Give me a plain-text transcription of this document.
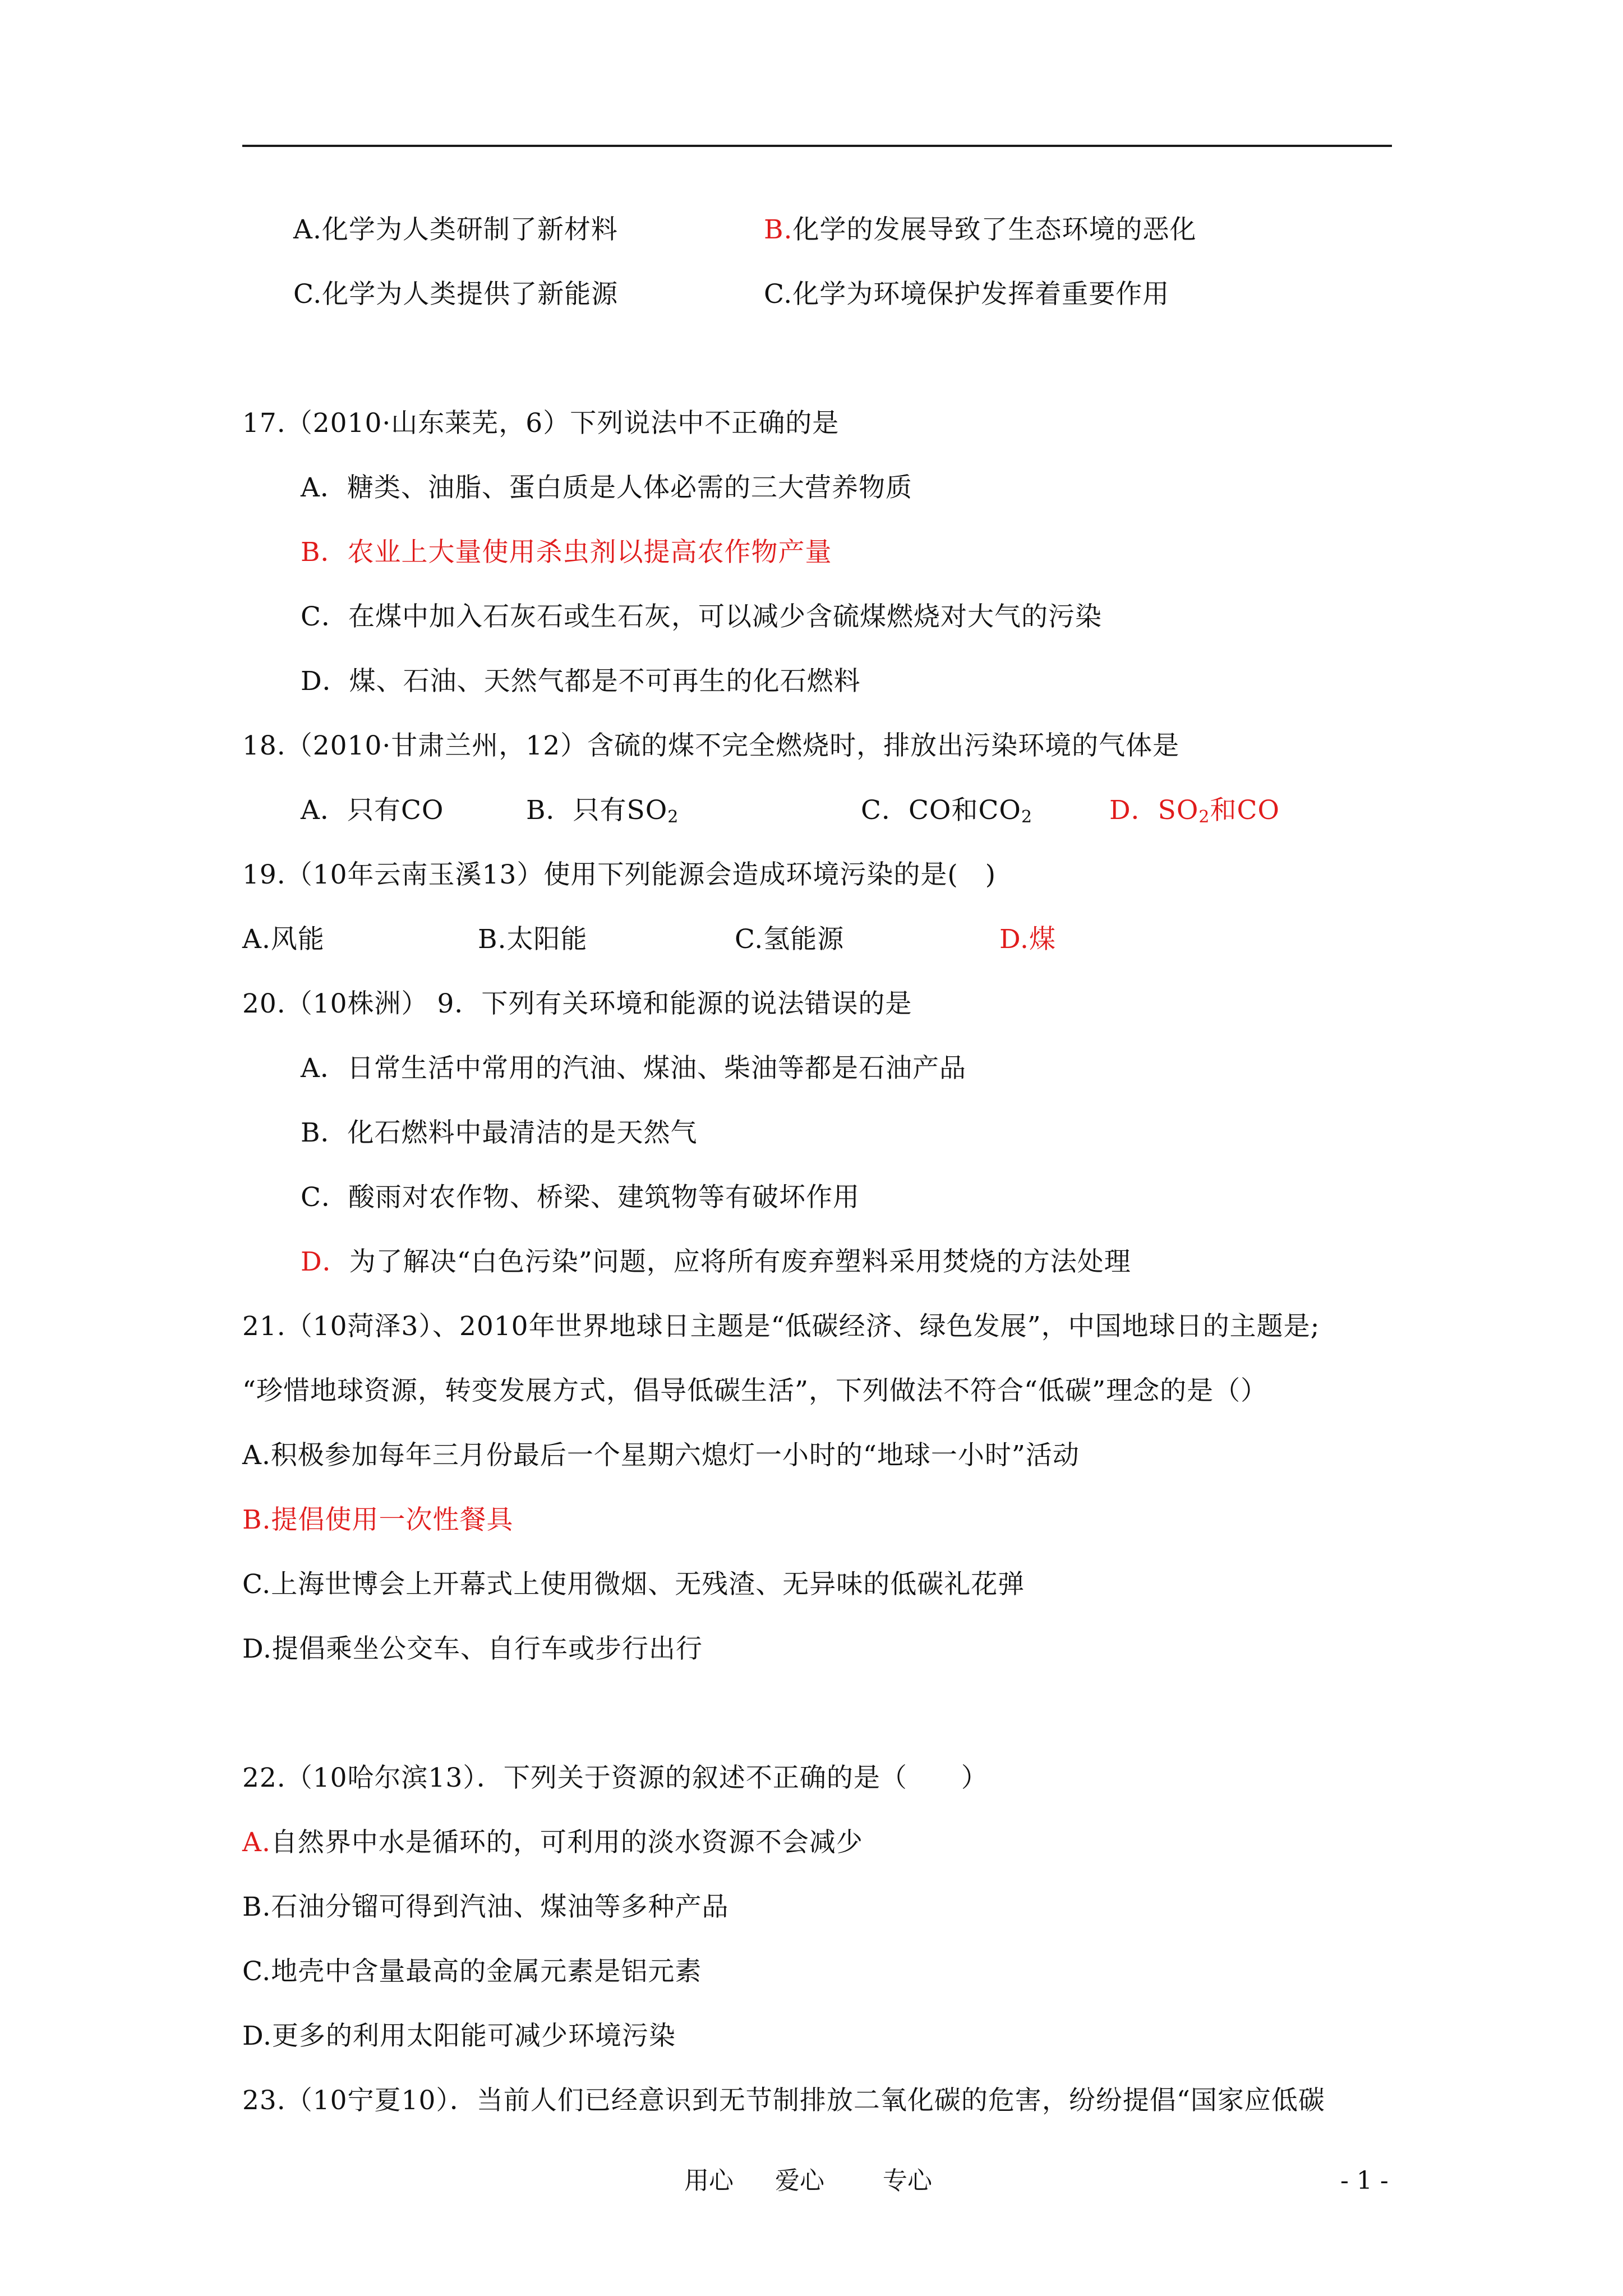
A.化学为人类研制了新材料	B.化学的发展导致了生态环境的恶化
C.化学为人类提供了新能源	C.化学为环境保护发挥着重要作用
17.（2010·山东莱芜，6）下列说法中不正确的是
A．糖类、油脂、蛋白质是人体必需的三大营养物质
B．农业上大量使用杀虫剂以提高农作物产量
C．在煤中加入石灰石或生石灰，可以减少含硫煤燃烧对大气的污染
D．煤、石油、天然气都是不可再生的化石燃料
18.（2010·甘肃兰州，12）含硫的煤不完全燃烧时，排放出污染环境的气体是
A．只有CO	B．只有$SO_2$	C．CO和$CO_2$	D．$SO_2$和CO
19.（10年云南玉溪13）使用下列能源会造成环境污染的是(　)
A.风能	B.太阳能	C.氢能源	D.煤
20.（10株洲） 9．下列有关环境和能源的说法错误的是
A．日常生活中常用的汽油、煤油、柴油等都是石油产品
B．化石燃料中最清洁的是天然气
C．酸雨对农作物、桥梁、建筑物等有破坏作用
D．为了解决“白色污染”问题，应将所有废弃塑料采用焚烧的方法处理
21.（10菏泽3）、2010年世界地球日主题是“低碳经济、绿色发展”，中国地球日的主题是;
“珍惜地球资源，转变发展方式，倡导低碳生活”，下列做法不符合“低碳”理念的是（）
A.积极参加每年三月份最后一个星期六熄灯一小时的“地球一小时”活动
B.提倡使用一次性餐具
C.上海世博会上开幕式上使用微烟、无残渣、无异味的低碳礼花弹
D.提倡乘坐公交车、自行车或步行出行
22.（10哈尔滨13）．下列关于资源的叙述不正确的是（　　）
A.自然界中水是循环的，可利用的淡水资源不会减少
B.石油分镏可得到汽油、煤油等多种产品
C.地壳中含量最高的金属元素是铝元素
D.更多的利用太阳能可减少环境污染
23.（10宁夏10）．当前人们已经意识到无节制排放二氧化碳的危害，纷纷提倡“国家应低碳
用心 爱心 专心	- 1 -
